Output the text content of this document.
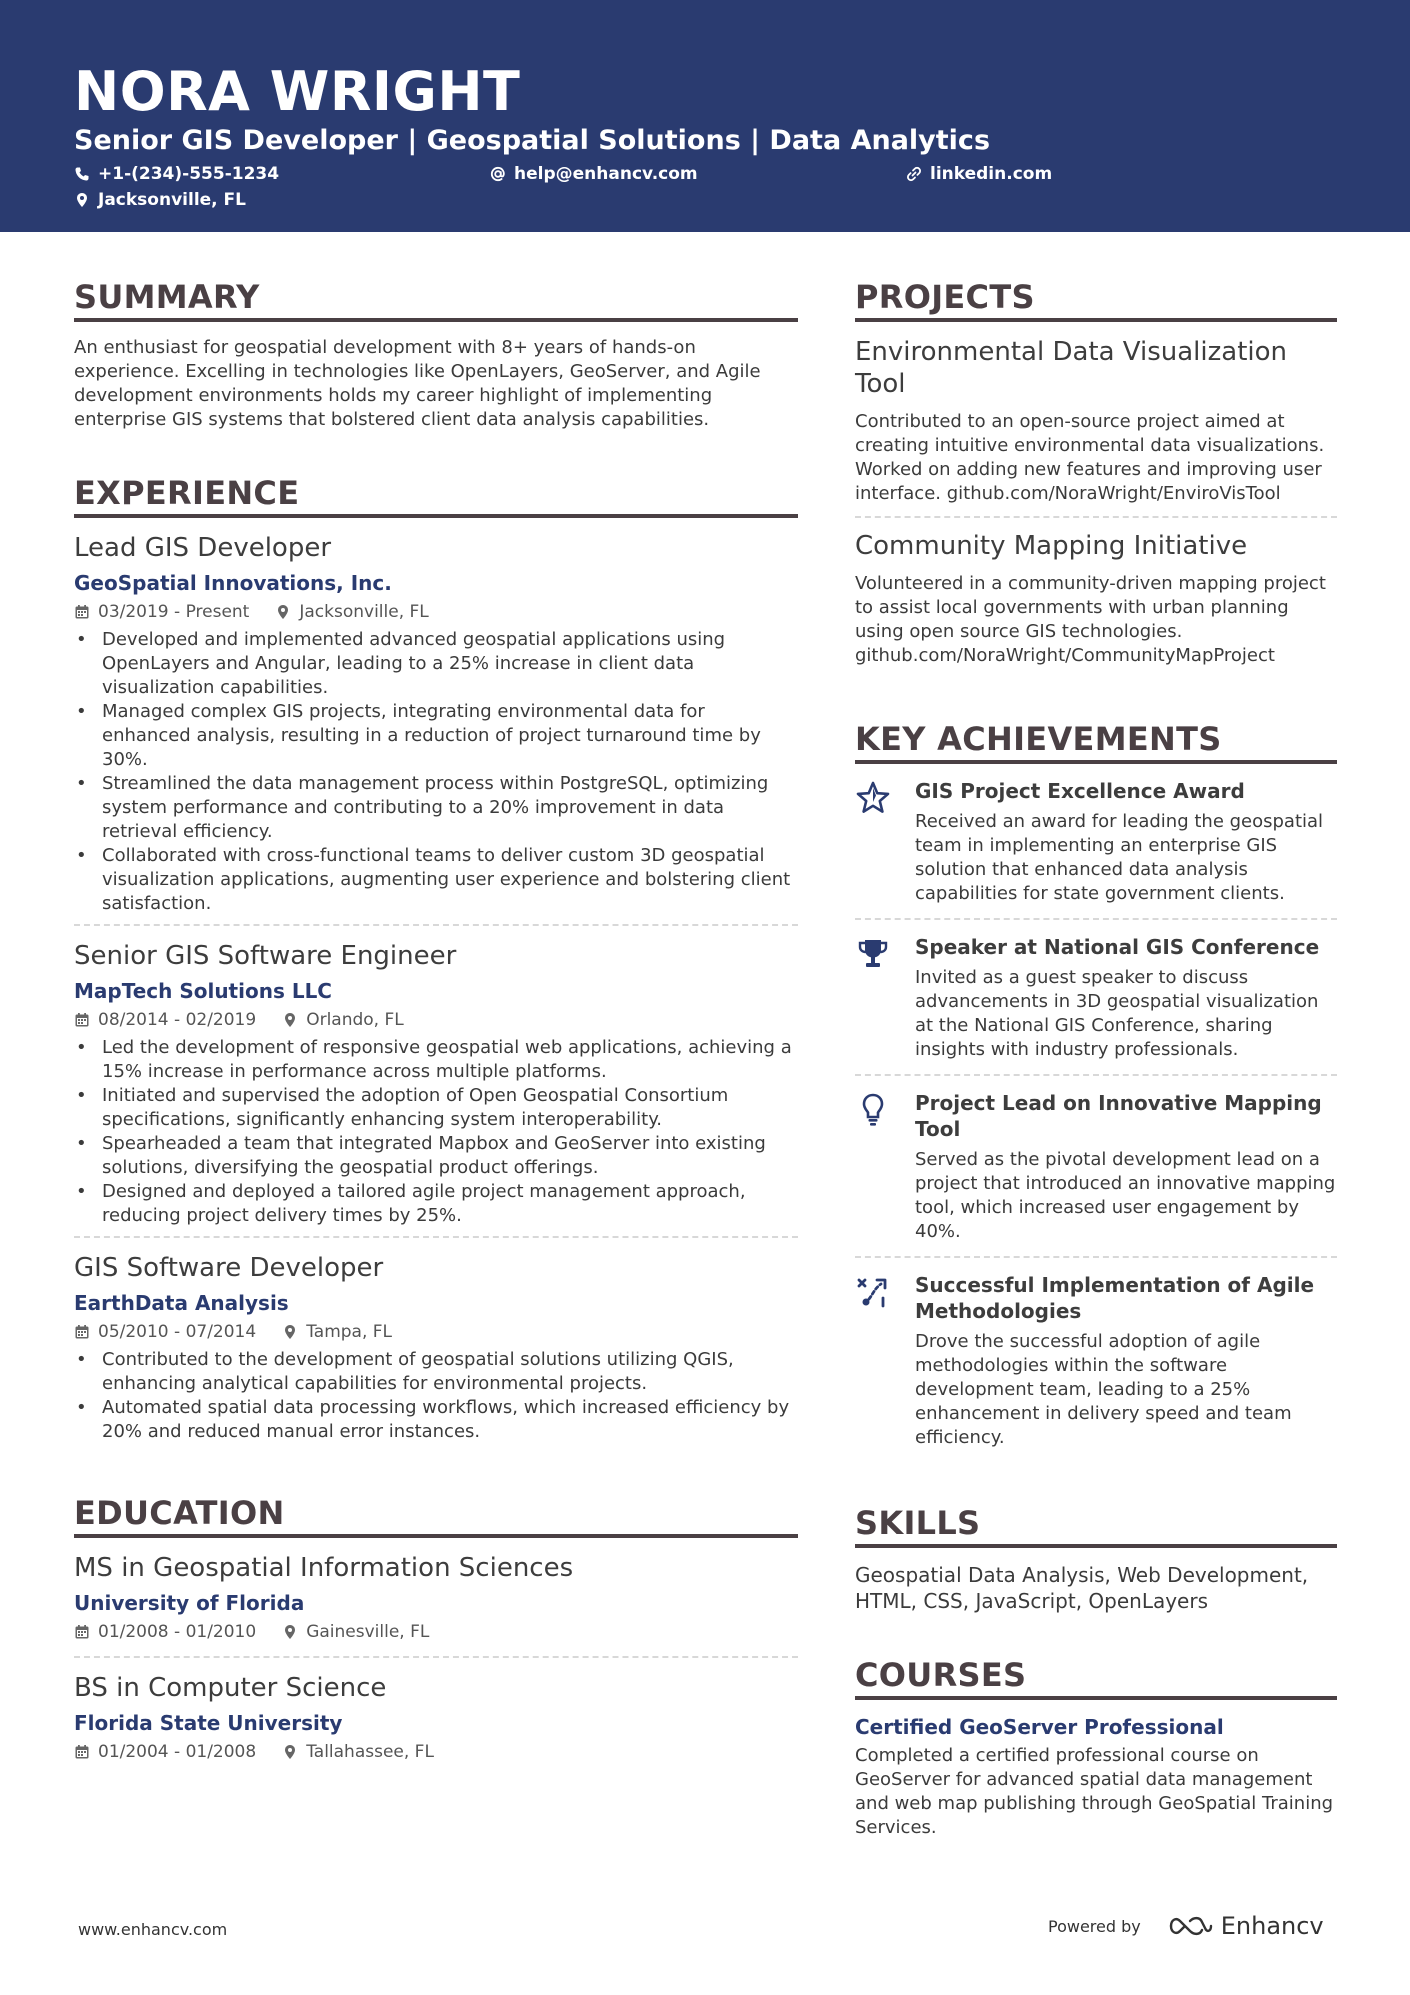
NORA WRIGHT
Senior GIS Developer | Geospatial Solutions | Data Analytics
+1-(234)-555-1234	help@enhancv.com	linkedin.com
Jacksonville, FL
SUMMARY
An enthusiast for geospatial development with 8+ years of hands-on experience. Excelling in technologies like OpenLayers, GeoServer, and Agile development environments holds my career highlight of implementing enterprise GIS systems that bolstered client data analysis capabilities.
EXPERIENCE
Lead GIS Developer
GeoSpatial Innovations, Inc.
03/2019 - Present	Jacksonville, FL
• Developed and implemented advanced geospatial applications using OpenLayers and Angular, leading to a 25% increase in client data visualization capabilities.
• Managed complex GIS projects, integrating environmental data for enhanced analysis, resulting in a reduction of project turnaround time by 30%.
• Streamlined the data management process within PostgreSQL, optimizing system performance and contributing to a 20% improvement in data retrieval efficiency.
• Collaborated with cross-functional teams to deliver custom 3D geospatial visualization applications, augmenting user experience and bolstering client satisfaction.
Senior GIS Software Engineer
MapTech Solutions LLC
08/2014 - 02/2019	Orlando, FL
• Led the development of responsive geospatial web applications, achieving a 15% increase in performance across multiple platforms.
• Initiated and supervised the adoption of Open Geospatial Consortium specifications, significantly enhancing system interoperability.
• Spearheaded a team that integrated Mapbox and GeoServer into existing solutions, diversifying the geospatial product offerings.
• Designed and deployed a tailored agile project management approach, reducing project delivery times by 25%.
GIS Software Developer
EarthData Analysis
05/2010 - 07/2014	Tampa, FL
• Contributed to the development of geospatial solutions utilizing QGIS, enhancing analytical capabilities for environmental projects.
• Automated spatial data processing workflows, which increased efficiency by 20% and reduced manual error instances.
EDUCATION
MS in Geospatial Information Sciences
University of Florida
01/2008 - 01/2010	Gainesville, FL
BS in Computer Science
Florida State University
01/2004 - 01/2008	Tallahassee, FL
PROJECTS
Environmental Data Visualization Tool
Contributed to an open-source project aimed at creating intuitive environmental data visualizations. Worked on adding new features and improving user interface. github.com/NoraWright/EnviroVisTool
Community Mapping Initiative
Volunteered in a community-driven mapping project to assist local governments with urban planning using open source GIS technologies. github.com/NoraWright/CommunityMapProject
KEY ACHIEVEMENTS
GIS Project Excellence Award
Received an award for leading the geospatial team in implementing an enterprise GIS solution that enhanced data analysis capabilities for state government clients.
Speaker at National GIS Conference
Invited as a guest speaker to discuss advancements in 3D geospatial visualization at the National GIS Conference, sharing insights with industry professionals.
Project Lead on Innovative Mapping Tool
Served as the pivotal development lead on a project that introduced an innovative mapping tool, which increased user engagement by 40%.
Successful Implementation of Agile Methodologies
Drove the successful adoption of agile methodologies within the software development team, leading to a 25% enhancement in delivery speed and team efficiency.
SKILLS
Geospatial Data Analysis, Web Development, HTML, CSS, JavaScript, OpenLayers
COURSES
Certified GeoServer Professional
Completed a certified professional course on GeoServer for advanced spatial data management and web map publishing through GeoSpatial Training Services.
www.enhancv.com	Powered by	Enhancv
